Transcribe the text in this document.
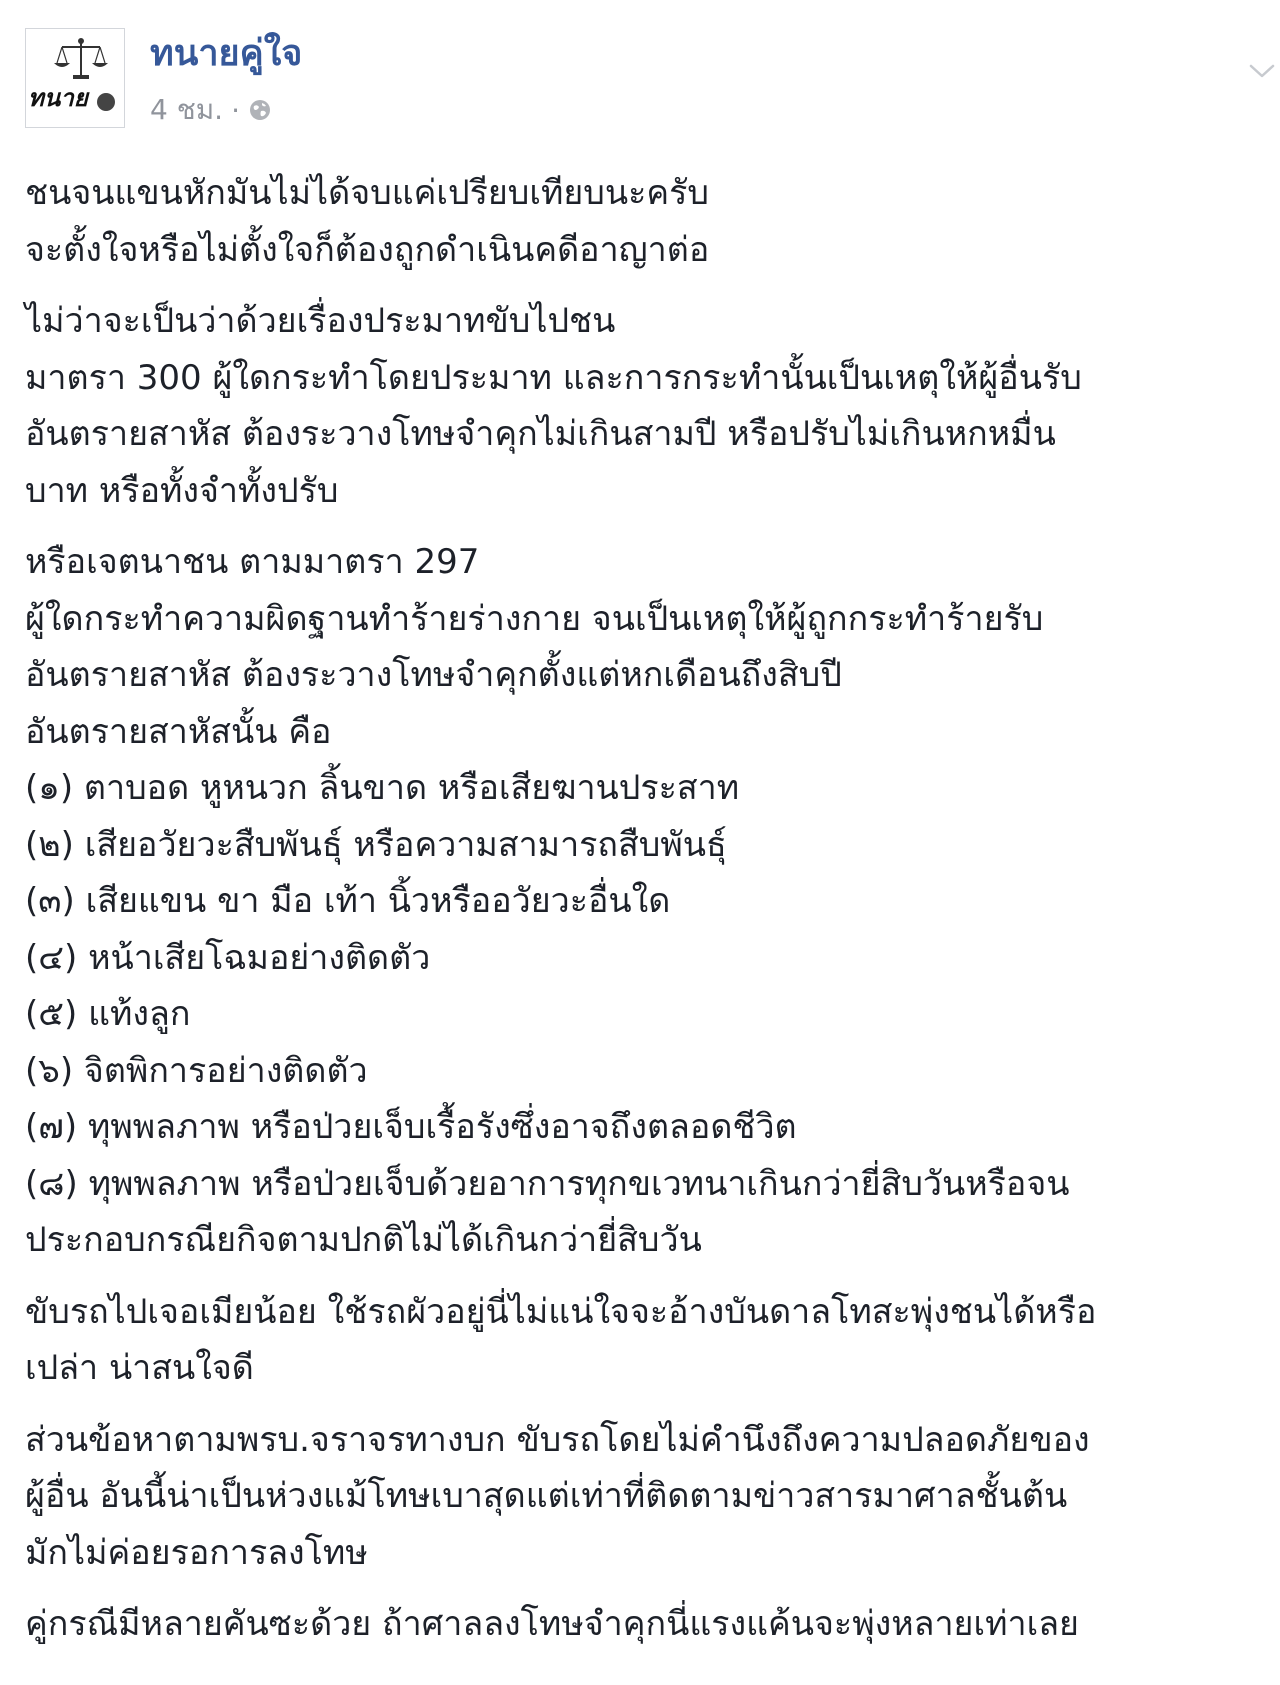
ทนาย
ทนายคู่ใจ
4 ชม. ·

ชนจนแขนหักมันไม่ได้จบแค่เปรียบเทียบนะครับ
จะตั้งใจหรือไม่ตั้งใจก็ต้องถูกดำเนินคดีอาญาต่อ

ไม่ว่าจะเป็นว่าด้วยเรื่องประมาทขับไปชน
มาตรา 300 ผู้ใดกระทำโดยประมาท และการกระทำนั้นเป็นเหตุให้ผู้อื่นรับ
อันตรายสาหัส ต้องระวางโทษจำคุกไม่เกินสามปี หรือปรับไม่เกินหกหมื่น
บาท หรือทั้งจำทั้งปรับ

หรือเจตนาชน ตามมาตรา 297
ผู้ใดกระทำความผิดฐานทำร้ายร่างกาย จนเป็นเหตุให้ผู้ถูกกระทำร้ายรับ
อันตรายสาหัส ต้องระวางโทษจำคุกตั้งแต่หกเดือนถึงสิบปี
อันตรายสาหัสนั้น คือ
(๑) ตาบอด หูหนวก ลิ้นขาด หรือเสียฆานประสาท
(๒) เสียอวัยวะสืบพันธุ์ หรือความสามารถสืบพันธุ์
(๓) เสียแขน ขา มือ เท้า นิ้วหรืออวัยวะอื่นใด
(๔) หน้าเสียโฉมอย่างติดตัว
(๕) แท้งลูก
(๖) จิตพิการอย่างติดตัว
(๗) ทุพพลภาพ หรือป่วยเจ็บเรื้อรังซึ่งอาจถึงตลอดชีวิต
(๘) ทุพพลภาพ หรือป่วยเจ็บด้วยอาการทุกขเวทนาเกินกว่ายี่สิบวันหรือจน
ประกอบกรณียกิจตามปกติไม่ได้เกินกว่ายี่สิบวัน

ขับรถไปเจอเมียน้อย ใช้รถผัวอยู่นี่ไม่แน่ใจจะอ้างบันดาลโทสะพุ่งชนได้หรือ
เปล่า น่าสนใจดี

ส่วนข้อหาตามพรบ.จราจรทางบก ขับรถโดยไม่คำนึงถึงความปลอดภัยของ
ผู้อื่น อันนี้น่าเป็นห่วงแม้โทษเบาสุดแต่เท่าที่ติดตามข่าวสารมาศาลชั้นต้น
มักไม่ค่อยรอการลงโทษ

คู่กรณีมีหลายคันซะด้วย ถ้าศาลลงโทษจำคุกนี่แรงแค้นจะพุ่งหลายเท่าเลย
